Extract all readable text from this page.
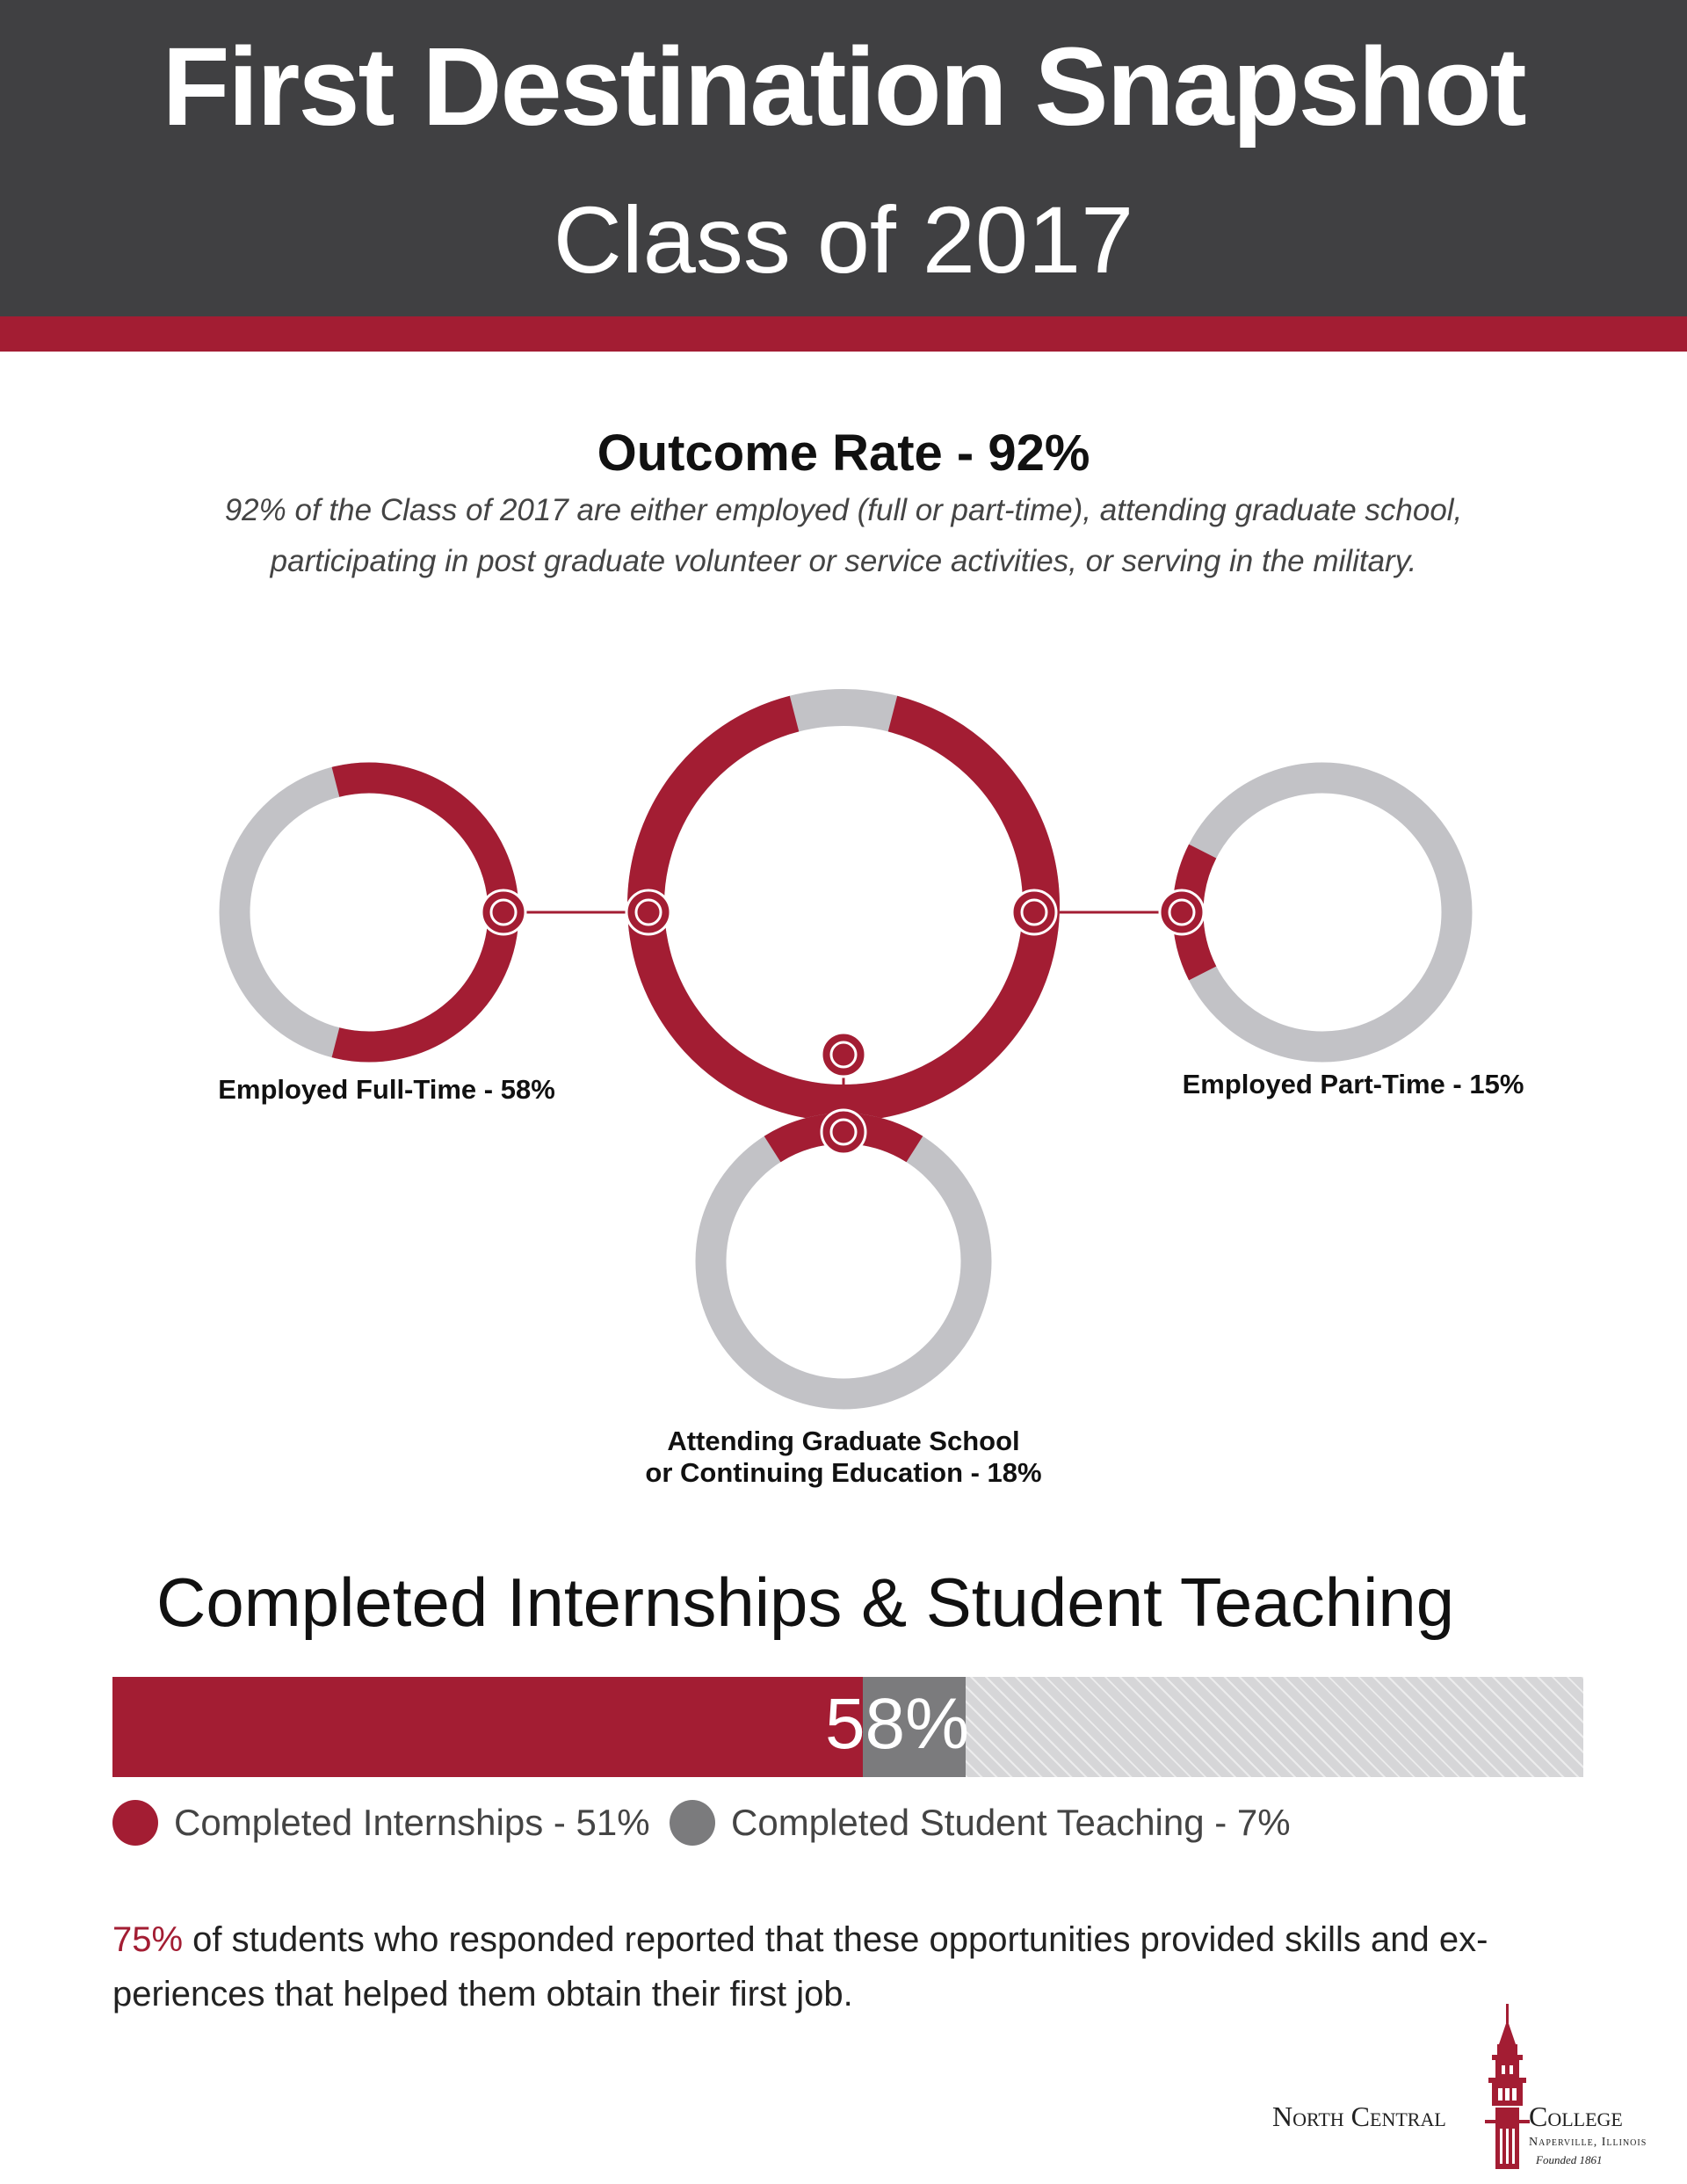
First Destination Snapshot
Class of 2017
Outcome Rate - 92%
92% of the Class of 2017 are either employed (full or part-time), attending graduate school, participating in post graduate volunteer or service activities, or serving in the military.
Employed Full-Time - 58%	Employed Part-Time - 15%
Attending Graduate School
or Continuing Education - 18%
Completed Internships & Student Teaching
58%
Completed Internships - 51% Completed Student Teaching - 7%
75% of students who responded reported that these opportunities provided skills and ex- periences that helped them obtain their first job.
North Central	College
Naperville, Illinois
Founded 1861
